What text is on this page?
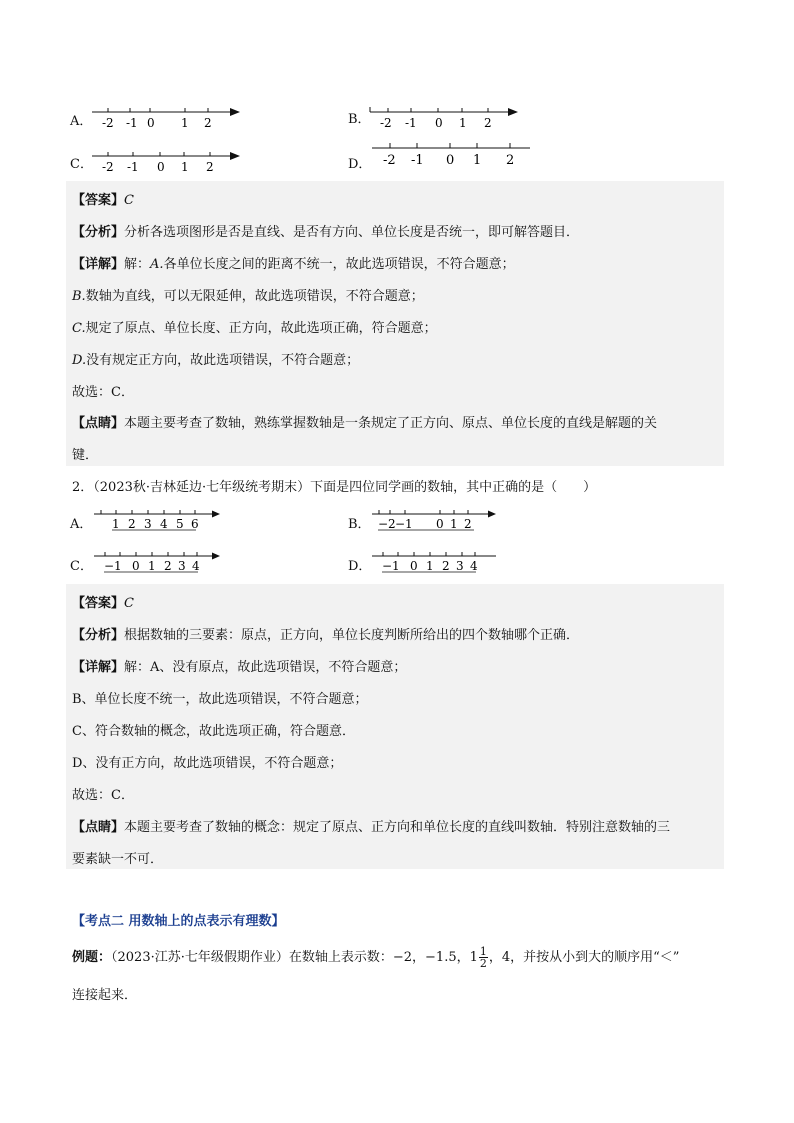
A． -2 -1 0 1 2	B． -2 -1 0 1 2
C． -2 -1 0 1 2	D． -2 -1 0 1 2
【答案】C
【分析】分析各选项图形是否是直线、是否有方向、单位长度是否统一，即可解答题目．
【详解】解：A.各单位长度之间的距离不统一，故此选项错误，不符合题意；
B.数轴为直线，可以无限延伸，故此选项错误，不符合题意；
C.规定了原点、单位长度、正方向，故此选项正确，符合题意；
D.没有规定正方向，故此选项错误，不符合题意；
故选：C．
【点睛】本题主要考查了数轴，熟练掌握数轴是一条规定了正方向、原点、单位长度的直线是解题的关
键．
2．（2023秋·吉林延边·七年级统考期末）下面是四位同学画的数轴，其中正确的是（　　）
A． 1 2 3 4 5 6	B． −2 −1 0 1 2
C． −1 0 1 2 3 4	D． −1 0 1 2 3 4
【答案】C
【分析】根据数轴的三要素：原点，正方向，单位长度判断所给出的四个数轴哪个正确．
【详解】解：A、没有原点，故此选项错误，不符合题意；
B、单位长度不统一，故此选项错误，不符合题意；
C、符合数轴的概念，故此选项正确，符合题意．
D、没有正方向，故此选项错误，不符合题意；
故选：C．
【点睛】本题主要考查了数轴的概念：规定了原点、正方向和单位长度的直线叫数轴．特别注意数轴的三
要素缺一不可．
【考点二 用数轴上的点表示有理数】
例题：（2023·江苏·七年级假期作业）在数轴上表示数：−2，−1.5，$1 \frac{1}{2}$ ，4，并按从小到大的顺序用“＜”
连接起来．
